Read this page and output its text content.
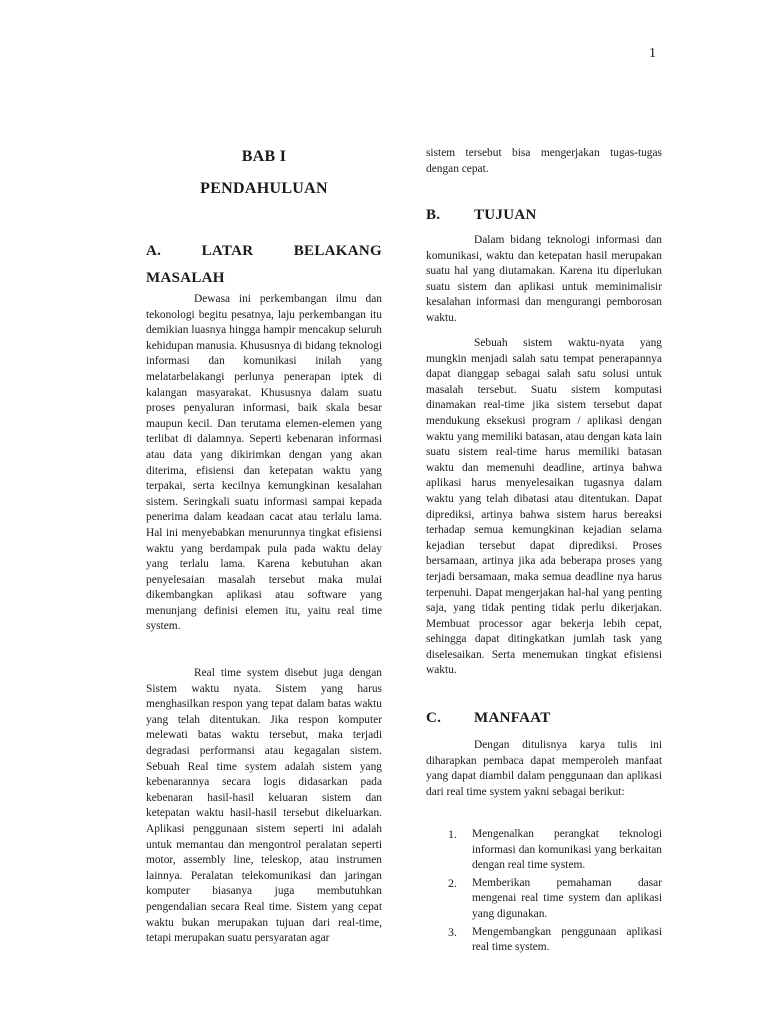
1
BAB I
PENDAHULUAN
A.	LATAR	BELAKANG
MASALAH

Dewasa ini perkembangan ilmu dan tekonologi begitu pesatnya, laju perkembangan itu demikian luasnya hingga hampir mencakup seluruh kehidupan manusia. Khususnya di bidang teknologi informasi dan komunikasi inilah yang melatarbelakangi perlunya penerapan iptek di kalangan masyarakat. Khususnya dalam suatu proses penyaluran informasi, baik skala besar maupun kecil. Dan terutama elemen-elemen yang terlibat di dalamnya. Seperti kebenaran informasi atau data yang dikirimkan dengan yang akan diterima, efisiensi dan ketepatan waktu yang terpakai, serta kecilnya kemungkinan kesalahan sistem. Seringkali suatu informasi sampai kepada penerima dalam keadaan cacat atau terlalu lama. Hal ini menyebabkan menurunnya tingkat efisiensi waktu yang berdampak pula pada waktu delay yang terlalu lama. Karena kebutuhan akan penyelesaian masalah tersebut maka mulai dikembangkan aplikasi atau software yang menunjang definisi elemen itu, yaitu real time system.

Real time system disebut juga dengan Sistem waktu nyata. Sistem yang harus menghasilkan respon yang tepat dalam batas waktu yang telah ditentukan. Jika respon komputer melewati batas waktu tersebut, maka terjadi degradasi performansi atau kegagalan sistem. Sebuah Real time system adalah sistem yang kebenarannya secara logis didasarkan pada kebenaran hasil-hasil keluaran sistem dan ketepatan waktu hasil-hasil tersebut dikeluarkan. Aplikasi penggunaan sistem seperti ini adalah untuk memantau dan mengontrol peralatan seperti motor, assembly line, teleskop, atau instrumen lainnya. Peralatan telekomunikasi dan jaringan komputer biasanya juga membutuhkan pengendalian secara Real time. Sistem yang cepat waktu bukan merupakan tujuan dari real-time, tetapi merupakan suatu persyaratan agar

sistem tersebut bisa mengerjakan tugas-tugas dengan cepat.

B.	TUJUAN

Dalam bidang teknologi informasi dan komunikasi, waktu dan ketepatan hasil merupakan suatu hal yang diutamakan. Karena itu diperlukan suatu sistem dan aplikasi untuk meminimalisir kesalahan informasi dan mengurangi pemborosan waktu.

Sebuah sistem waktu-nyata yang mungkin menjadi salah satu tempat penerapannya dapat dianggap sebagai salah satu solusi untuk masalah tersebut. Suatu sistem komputasi dinamakan real-time jika sistem tersebut dapat mendukung eksekusi program / aplikasi dengan waktu yang memiliki batasan, atau dengan kata lain suatu sistem real-time harus memiliki batasan waktu dan memenuhi deadline, artinya bahwa aplikasi harus menyelesaikan tugasnya dalam waktu yang telah dibatasi atau ditentukan. Dapat diprediksi, artinya bahwa sistem harus bereaksi terhadap semua kemungkinan kejadian selama kejadian tersebut dapat diprediksi. Proses bersamaan, artinya jika ada beberapa proses yang terjadi bersamaan, maka semua deadline nya harus terpenuhi. Dapat mengerjakan hal-hal yang penting saja, yang tidak penting tidak perlu dikerjakan. Membuat processor agar bekerja lebih cepat, sehingga dapat ditingkatkan jumlah task yang diselesaikan. Serta menemukan tingkat efisiensi waktu.

C.	MANFAAT

Dengan ditulisnya karya tulis ini diharapkan pembaca dapat memperoleh manfaat yang dapat diambil dalam penggunaan dan aplikasi dari real time system yakni sebagai berikut:

1.	Mengenalkan perangkat teknologi informasi dan komunikasi yang berkaitan dengan real time system.
2.	Memberikan pemahaman dasar mengenai real time system dan aplikasi yang digunakan.
3.	Mengembangkan penggunaan aplikasi real time system.
